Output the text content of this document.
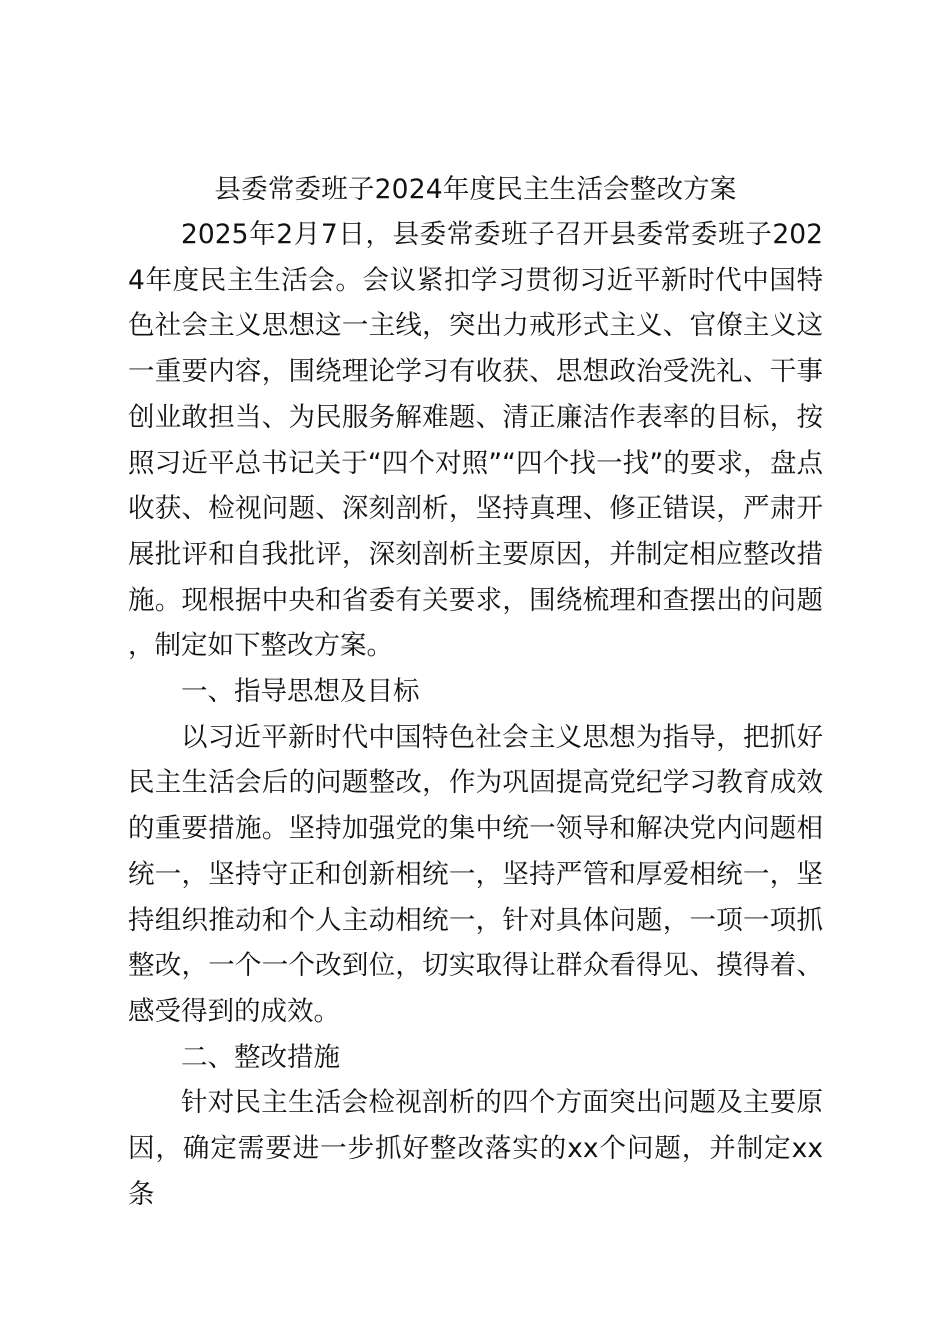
县委常委班子2024年度民主生活会整改方案

2025年2月7日，县委常委班子召开县委常委班子2024年度民主生活会。会议紧扣学习贯彻习近平新时代中国特色社会主义思想这一主线，突出力戒形式主义、官僚主义这一重要内容，围绕理论学习有收获、思想政治受洗礼、干事创业敢担当、为民服务解难题、清正廉洁作表率的目标，按照习近平总书记关于“四个对照”“四个找一找”的要求，盘点收获、检视问题、深刻剖析，坚持真理、修正错误，严肃开展批评和自我批评，深刻剖析主要原因，并制定相应整改措施。现根据中央和省委有关要求，围绕梳理和查摆出的问题，制定如下整改方案。

一、指导思想及目标

以习近平新时代中国特色社会主义思想为指导，把抓好民主生活会后的问题整改，作为巩固提高党纪学习教育成效的重要措施。坚持加强党的集中统一领导和解决党内问题相统一，坚持守正和创新相统一，坚持严管和厚爱相统一，坚持组织推动和个人主动相统一，针对具体问题，一项一项抓整改，一个一个改到位，切实取得让群众看得见、摸得着、感受得到的成效。

二、整改措施

针对民主生活会检视剖析的四个方面突出问题及主要原因，确定需要进一步抓好整改落实的xx个问题，并制定xx条
